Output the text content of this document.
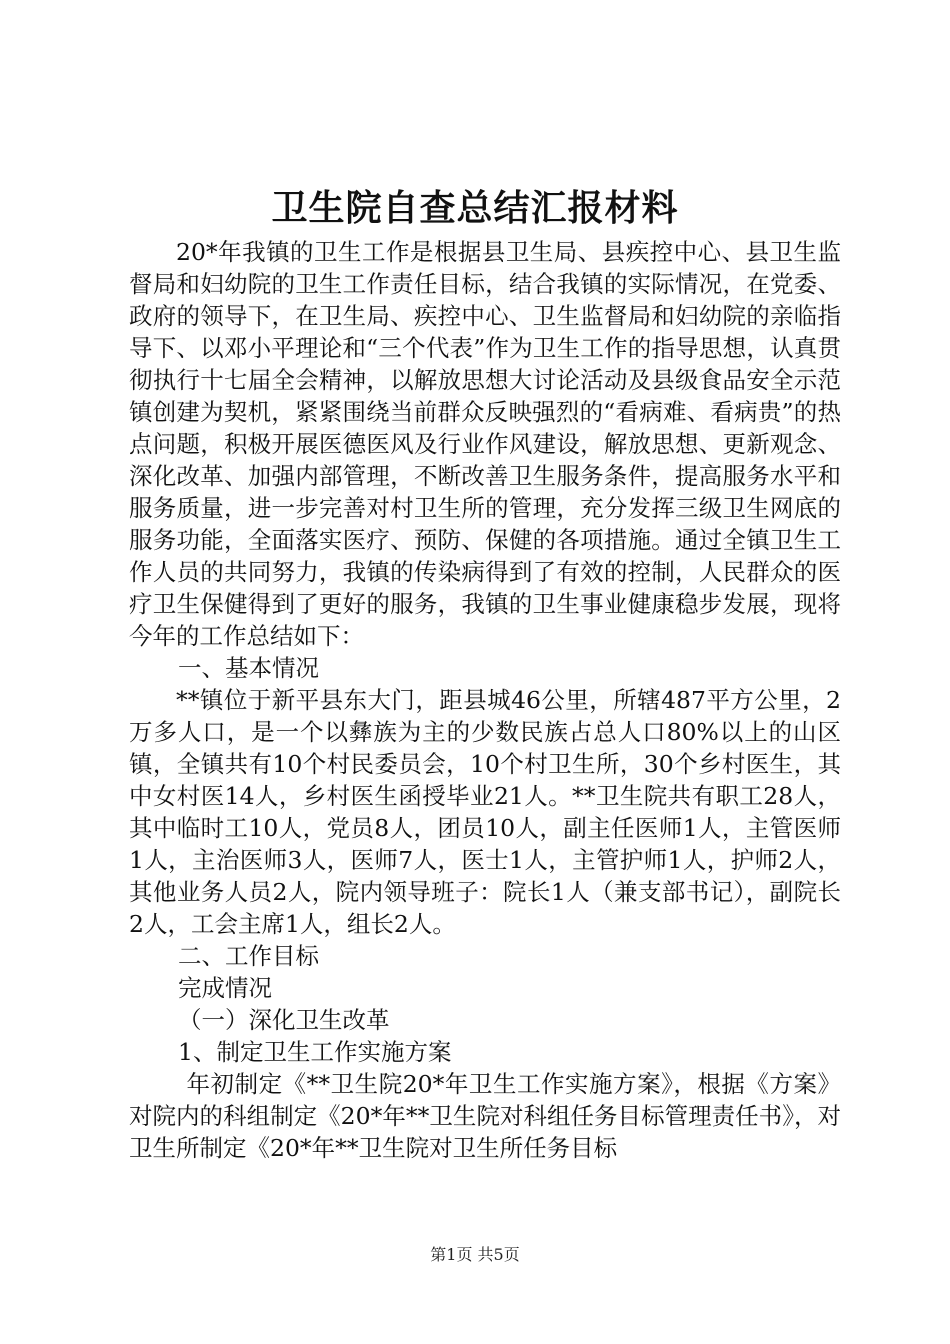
卫生院自查总结汇报材料

20*年我镇的卫生工作是根据县卫生局、县疾控中心、县卫生监督局和妇幼院的卫生工作责任目标，结合我镇的实际情况，在党委、政府的领导下，在卫生局、疾控中心、卫生监督局和妇幼院的亲临指导下、以邓小平理论和“三个代表”作为卫生工作的指导思想，认真贯彻执行十七届全会精神，以解放思想大讨论活动及县级食品安全示范镇创建为契机，紧紧围绕当前群众反映强烈的“看病难、看病贵”的热点问题，积极开展医德医风及行业作风建设，解放思想、更新观念、深化改革、加强内部管理，不断改善卫生服务条件，提高服务水平和服务质量，进一步完善对村卫生所的管理，充分发挥三级卫生网底的服务功能，全面落实医疗、预防、保健的各项措施。通过全镇卫生工作人员的共同努力，我镇的传染病得到了有效的控制，人民群众的医疗卫生保健得到了更好的服务，我镇的卫生事业健康稳步发展，现将今年的工作总结如下：

一、基本情况

**镇位于新平县东大门，距县城46公里，所辖487平方公里，2万多人口，是一个以彝族为主的少数民族占总人口80%以上的山区镇，全镇共有10个村民委员会，10个村卫生所，30个乡村医生，其中女村医14人，乡村医生函授毕业21人。**卫生院共有职工28人，其中临时工10人，党员8人，团员10人，副主任医师1人，主管医师1人，主治医师3人，医师7人，医士1人，主管护师1人，护师2人，其他业务人员2人，院内领导班子：院长1人（兼支部书记），副院长2人，工会主席1人，组长2人。

二、工作目标

完成情况

（一）深化卫生改革

1、制定卫生工作实施方案

年初制定《**卫生院20*年卫生工作实施方案》，根据《方案》对院内的科组制定《20*年**卫生院对科组任务目标管理责任书》，对卫生所制定《20*年**卫生院对卫生所任务目标

第1页 共5页
